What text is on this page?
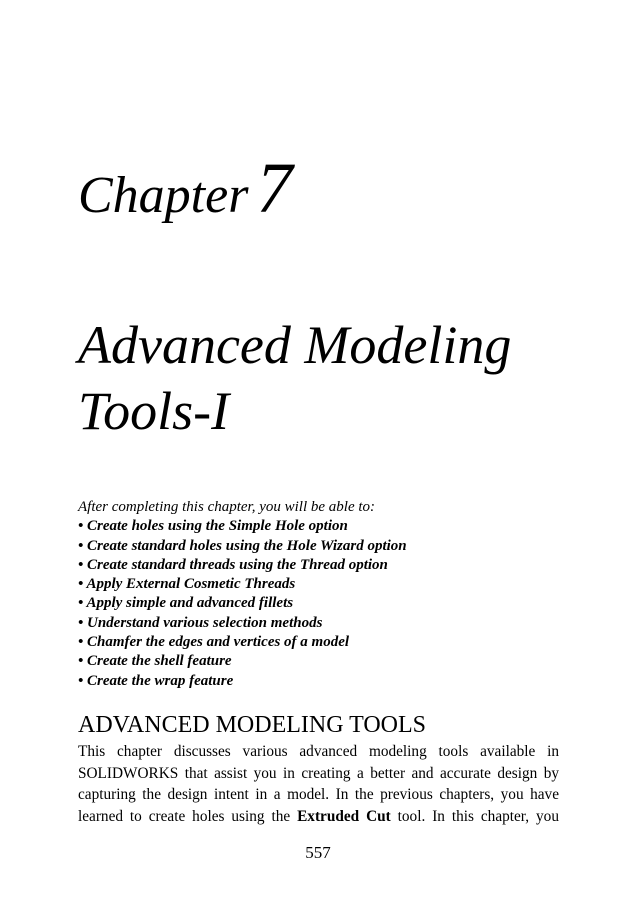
Chapter 7
Advanced Modeling
Tools-I

After completing this chapter, you will be able to:

• Create holes using the Simple Hole option
• Create standard holes using the Hole Wizard option
• Create standard threads using the Thread option
• Apply External Cosmetic Threads
• Apply simple and advanced fillets
• Understand various selection methods
• Chamfer the edges and vertices of a model
• Create the shell feature
• Create the wrap feature
ADVANCED MODELING TOOLS

This chapter discusses various advanced modeling tools available in SOLIDWORKS that assist you in creating a better and accurate design by capturing the design intent in a model. In the previous chapters, you have learned to create holes using the Extruded Cut tool. In this chapter, you

557
